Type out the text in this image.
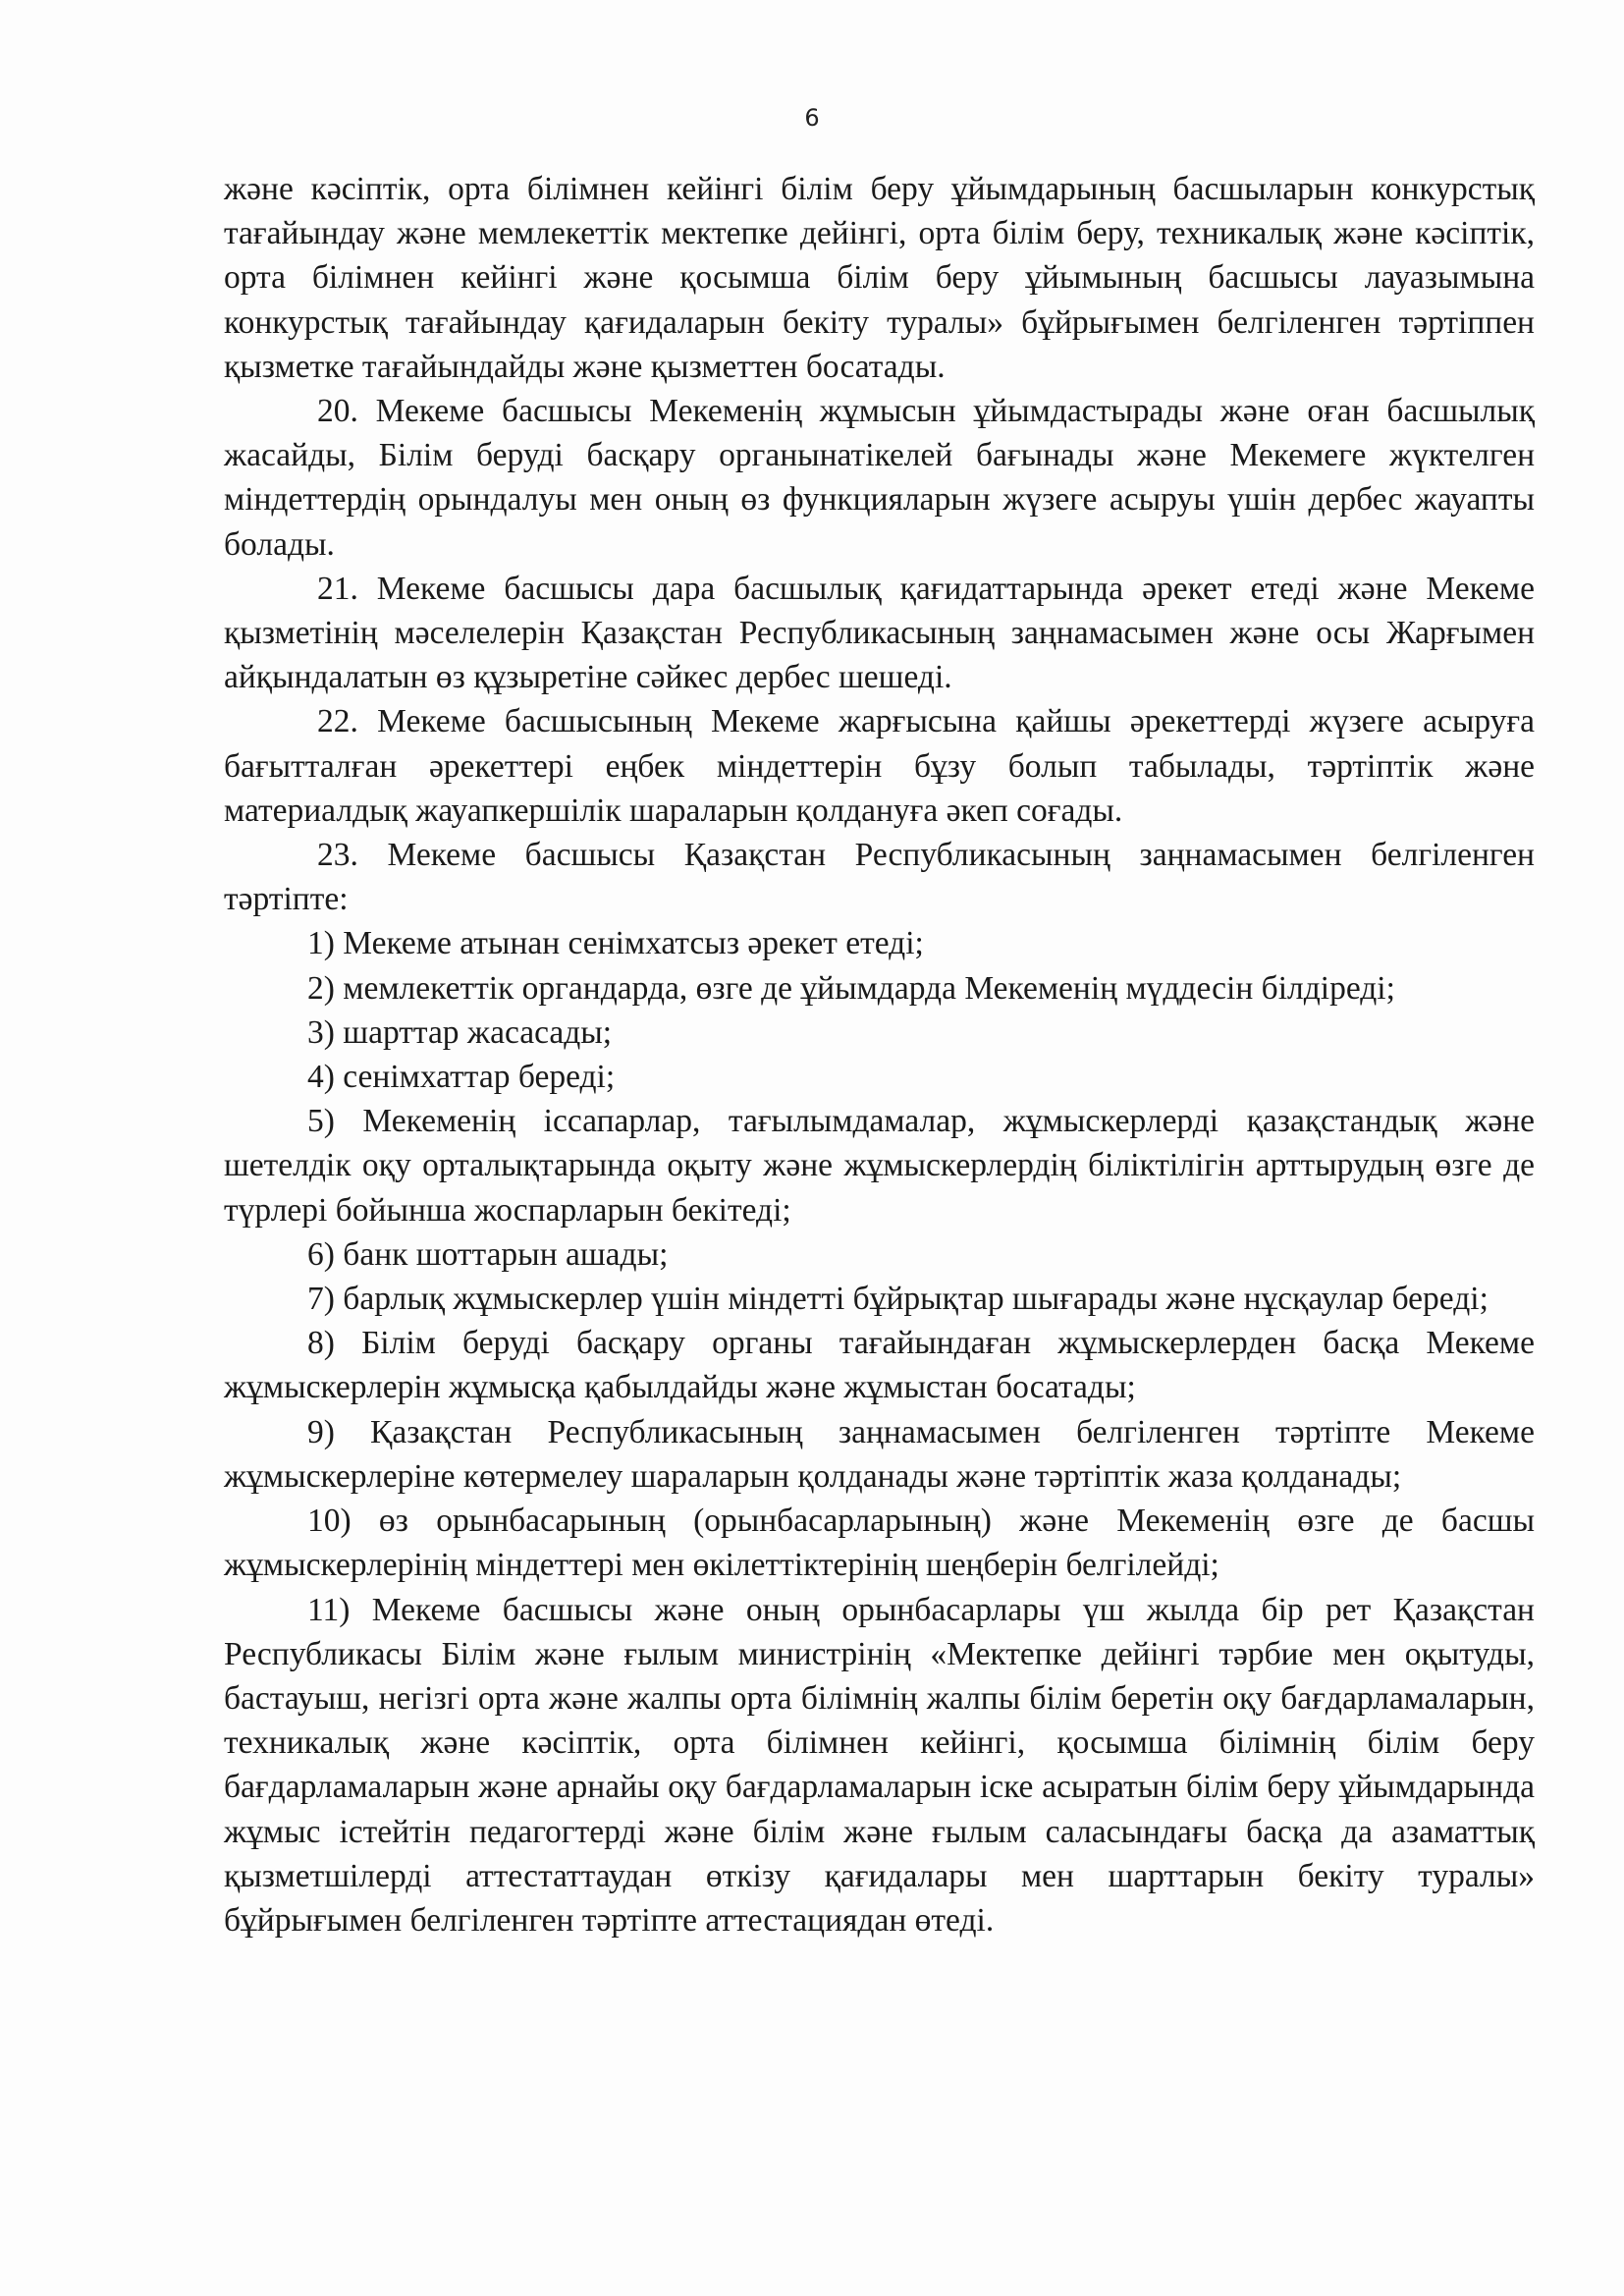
6

және кәсіптік, орта білімнен кейінгі білім беру ұйымдарының басшыларын конкурстық тағайындау және мемлекеттік мектепке дейінгі, орта білім беру, техникалық және кәсіптік, орта білімнен кейінгі және қосымша білім беру ұйымының басшысы лауазымына конкурстық тағайындау қағидаларын бекіту туралы» бұйрығымен белгіленген тәртіппен қызметке тағайындайды және қызметтен босатады.

20. Мекеме басшысы Мекеменің жұмысын ұйымдастырады және оған басшылық жасайды, Білім беруді басқару органынатікелей бағынады және Мекемеге жүктелген міндеттердің орындалуы мен оның өз функцияларын жүзеге асыруы үшін дербес жауапты болады.

21. Мекеме басшысы дара басшылық қағидаттарында әрекет етеді және Мекеме қызметінің мәселелерін Қазақстан Республикасының заңнамасымен және осы Жарғымен айқындалатын өз құзыретіне сәйкес дербес шешеді.

22. Мекеме басшысының Мекеме жарғысына қайшы әрекеттерді жүзеге асыруға бағытталған әрекеттері еңбек міндеттерін бұзу болып табылады, тәртіптік және материалдық жауапкершілік шараларын қолдануға әкеп соғады.

23. Мекеме басшысы Қазақстан Республикасының заңнамасымен белгіленген тәртіпте:

1) Мекеме атынан сенімхатсыз әрекет етеді;

2) мемлекеттік органдарда, өзге де ұйымдарда Мекеменің мүддесін білдіреді;

3) шарттар жасасады;

4) сенімхаттар береді;

5) Мекеменің іссапарлар, тағылымдамалар, жұмыскерлерді қазақстандық және шетелдік оқу орталықтарында оқыту және жұмыскерлердің біліктілігін арттырудың өзге де түрлері бойынша жоспарларын бекітеді;

6) банк шоттарын ашады;

7) барлық жұмыскерлер үшін міндетті бұйрықтар шығарады және нұсқаулар береді;

8) Білім беруді басқару органы тағайындаған жұмыскерлерден басқа Мекеме жұмыскерлерін жұмысқа қабылдайды және жұмыстан босатады;

9) Қазақстан Республикасының заңнамасымен белгіленген тәртіпте Мекеме жұмыскерлеріне көтермелеу шараларын қолданады және тәртіптік жаза қолданады;

10) өз орынбасарының (орынбасарларының) және Мекеменің өзге де басшы жұмыскерлерінің міндеттері мен өкілеттіктерінің шеңберін белгілейді;

11) Мекеме басшысы және оның орынбасарлары үш жылда бір рет Қазақстан Республикасы Білім және ғылым министрінің «Мектепке дейінгі тәрбие мен оқытуды, бастауыш, негізгі орта және жалпы орта білімнің жалпы білім беретін оқу бағдарламаларын, техникалық және кәсіптік, орта білімнен кейінгі, қосымша білімнің білім беру бағдарламаларын және арнайы оқу бағдарламаларын іске асыратын білім беру ұйымдарында жұмыс істейтін педагогтерді және білім және ғылым саласындағы басқа да азаматтық қызметшілерді аттестаттаудан өткізу қағидалары мен шарттарын бекіту туралы» бұйрығымен белгіленген тәртіпте аттестациядан өтеді.
